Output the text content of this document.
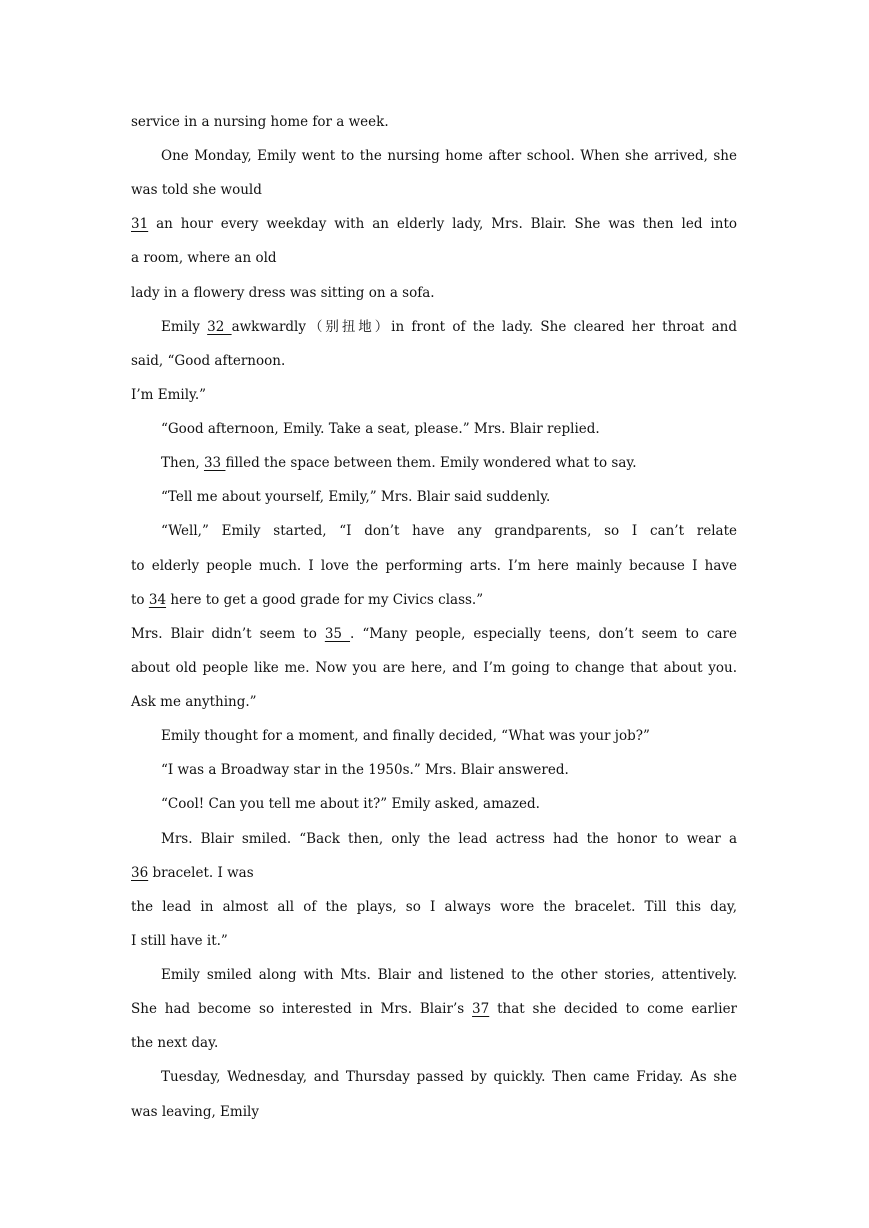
service in a nursing home for a week.

One Monday, Emily went to the nursing home after school. When she arrived, she

was told she would

31 an hour every weekday with an elderly lady, Mrs. Blair. She was then led into

a room, where an old

lady in a flowery dress was sitting on a sofa.

Emily 32 awkwardly（别扭地）in front of the lady. She cleared her throat and

said, “Good afternoon.

I’m Emily.”

“Good afternoon, Emily. Take a seat, please.” Mrs. Blair replied.

Then, 33 filled the space between them. Emily wondered what to say.

“Tell me about yourself, Emily,” Mrs. Blair said suddenly.

“Well,” Emily started, “I don’t have any grandparents, so I can’t relate

to elderly people much. I love the performing arts. I’m here mainly because I have

to 34 here to get a good grade for my Civics class.”

Mrs. Blair didn’t seem to 35 . “Many people, especially teens, don’t seem to care

about old people like me. Now you are here, and I’m going to change that about you.

Ask me anything.”

Emily thought for a moment, and finally decided, “What was your job?”

“I was a Broadway star in the 1950s.” Mrs. Blair answered.

“Cool! Can you tell me about it?” Emily asked, amazed.

Mrs. Blair smiled. “Back then, only the lead actress had the honor to wear a

36 bracelet. I was

the lead in almost all of the plays, so I always wore the bracelet. Till this day,

I still have it.”

Emily smiled along with Mts. Blair and listened to the other stories, attentively.

She had become so interested in Mrs. Blair’s 37 that she decided to come earlier

the next day.

Tuesday, Wednesday, and Thursday passed by quickly. Then came Friday. As she

was leaving, Emily
